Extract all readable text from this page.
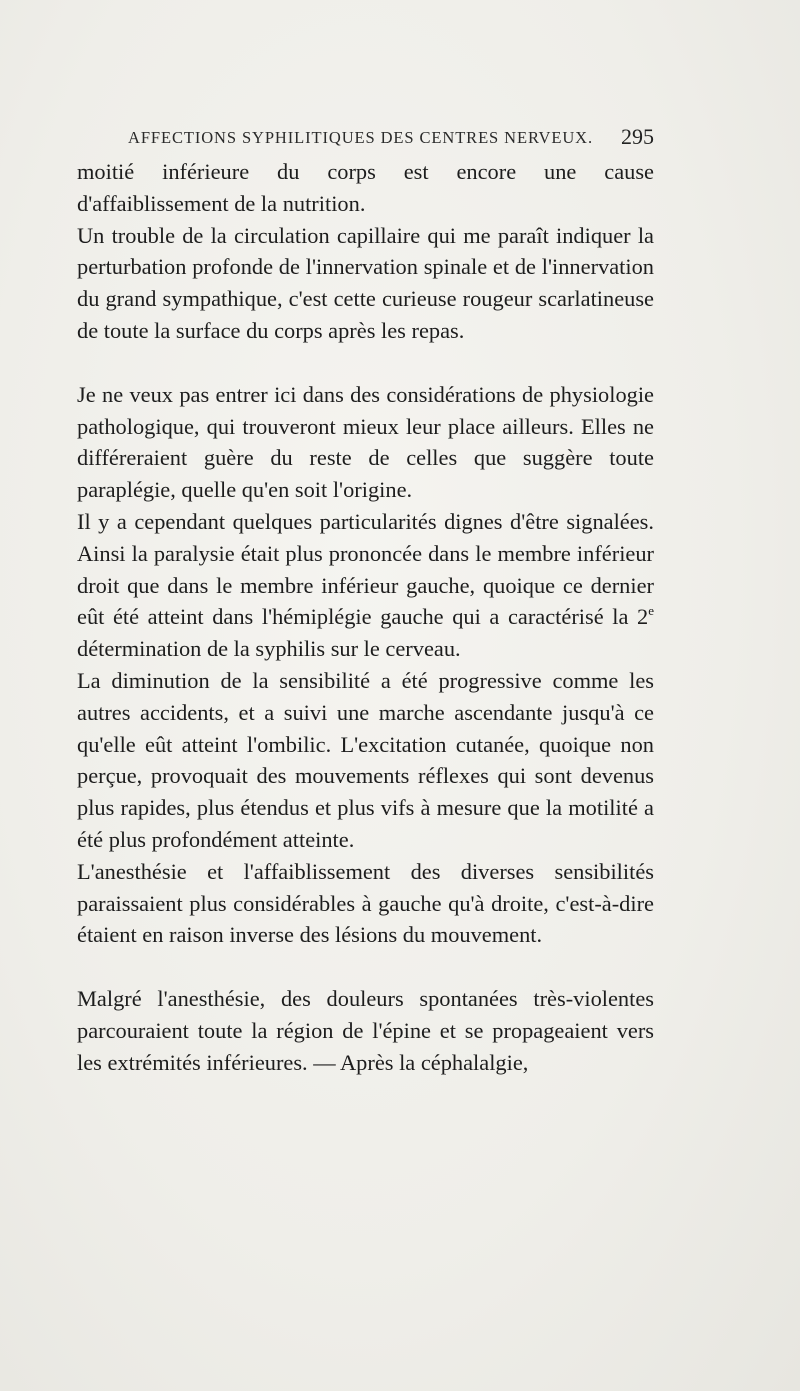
AFFECTIONS SYPHILITIQUES DES CENTRES NERVEUX. 295

moitié inférieure du corps est encore une cause d'affaiblissement de la nutrition.

Un trouble de la circulation capillaire qui me paraît indiquer la perturbation profonde de l'innervation spinale et de l'innervation du grand sympathique, c'est cette curieuse rougeur scarlatineuse de toute la surface du corps après les repas.

Je ne veux pas entrer ici dans des considérations de physiologie pathologique, qui trouveront mieux leur place ailleurs. Elles ne différeraient guère du reste de celles que suggère toute paraplégie, quelle qu'en soit l'origine.

Il y a cependant quelques particularités dignes d'être signalées. Ainsi la paralysie était plus prononcée dans le membre inférieur droit que dans le membre inférieur gauche, quoique ce dernier eût été atteint dans l'hémiplégie gauche qui a caractérisé la 2e détermination de la syphilis sur le cerveau.

La diminution de la sensibilité a été progressive comme les autres accidents, et a suivi une marche ascendante jusqu'à ce qu'elle eût atteint l'ombilic. L'excitation cutanée, quoique non perçue, provoquait des mouvements réflexes qui sont devenus plus rapides, plus étendus et plus vifs à mesure que la motilité a été plus profondément atteinte.

L'anesthésie et l'affaiblissement des diverses sensibilités paraissaient plus considérables à gauche qu'à droite, c'est-à-dire étaient en raison inverse des lésions du mouvement.

Malgré l'anesthésie, des douleurs spontanées très-violentes parcouraient toute la région de l'épine et se propageaient vers les extrémités inférieures. — Après la céphalalgie,
